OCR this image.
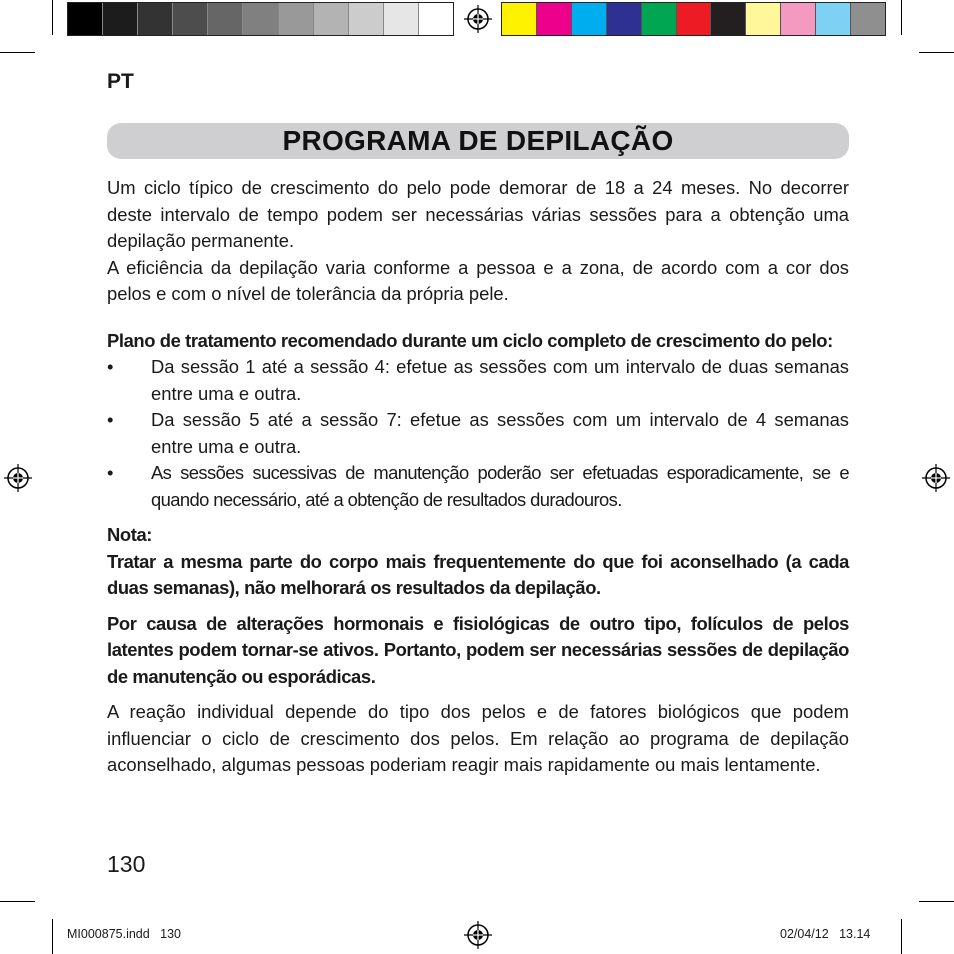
PT
PROGRAMA DE DEPILAÇÃO

Um ciclo típico de crescimento do pelo pode demorar de 18 a 24 meses. No decorrer deste intervalo de tempo podem ser necessárias várias sessões para a obtenção uma depilação permanente.

A eficiência da depilação varia conforme a pessoa e a zona, de acordo com a cor dos pelos e com o nível de tolerância da própria pele.

Plano de tratamento recomendado durante um ciclo completo de crescimento do pelo:

•	Da sessão 1 até a sessão 4: efetue as sessões com um intervalo de duas semanas entre uma e outra.
•	Da sessão 5 até a sessão 7: efetue as sessões com um intervalo de 4 semanas entre uma e outra.
•	As sessões sucessivas de manutenção poderão ser efetuadas esporadicamente, se e quando necessário, até a obtenção de resultados duradouros.

Nota:

Tratar a mesma parte do corpo mais frequentemente do que foi aconselhado (a cada duas semanas), não melhorará os resultados da depilação.

Por causa de alterações hormonais e fisiológicas de outro tipo, folículos de pelos latentes podem tornar-se ativos. Portanto, podem ser necessárias sessões de depilação de manutenção ou esporádicas.

A reação individual depende do tipo dos pelos e de fatores biológicos que podem influenciar o ciclo de crescimento dos pelos. Em relação ao programa de depilação aconselhado, algumas pessoas poderiam reagir mais rapidamente ou mais lentamente.

130
MI000875.indd   130	02/04/12   13.14
